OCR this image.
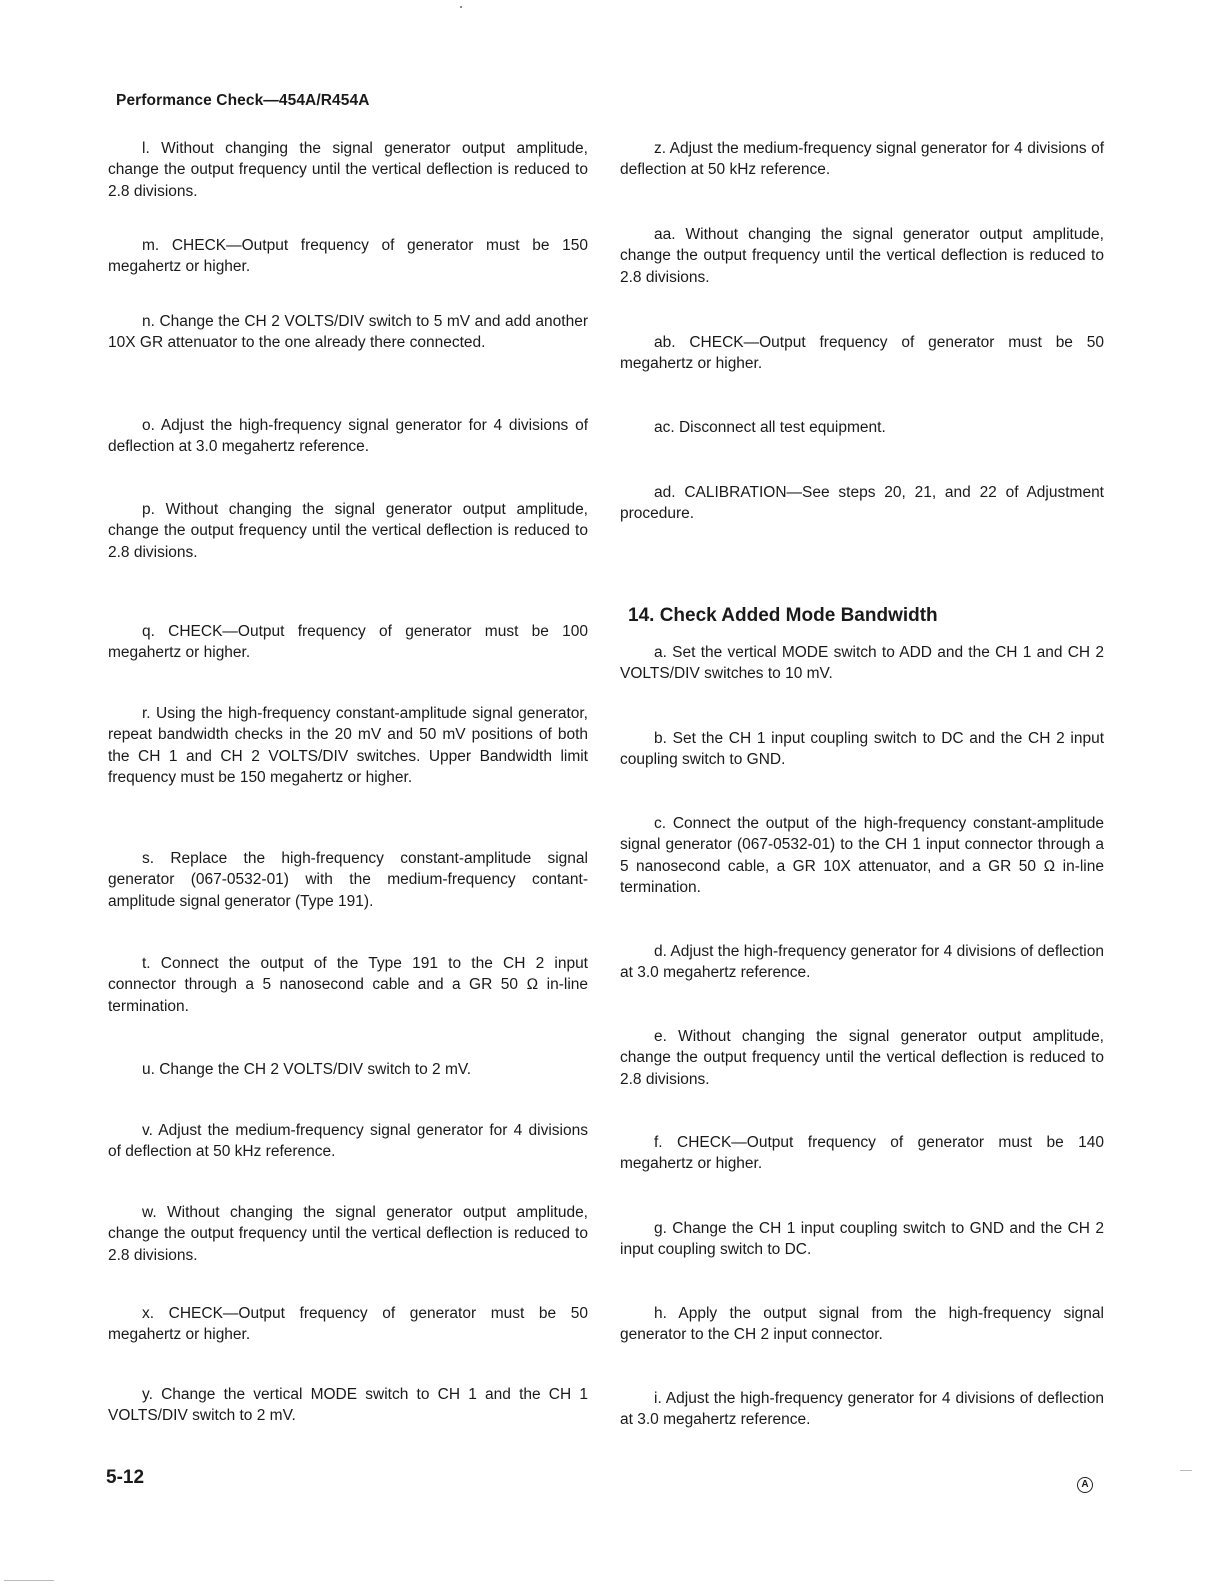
Performance Check—454A/R454A

l. Without changing the signal generator output amplitude, change the output frequency until the vertical deflection is reduced to 2.8 divisions.

m. CHECK—Output frequency of generator must be 150 megahertz or higher.

n. Change the CH 2 VOLTS/DIV switch to 5 mV and add another 10X GR attenuator to the one already there connected.

o. Adjust the high-frequency signal generator for 4 divisions of deflection at 3.0 megahertz reference.

p. Without changing the signal generator output amplitude, change the output frequency until the vertical deflection is reduced to 2.8 divisions.

q. CHECK—Output frequency of generator must be 100 megahertz or higher.

r. Using the high-frequency constant-amplitude signal generator, repeat bandwidth checks in the 20 mV and 50 mV positions of both the CH 1 and CH 2 VOLTS/DIV switches. Upper Bandwidth limit frequency must be 150 megahertz or higher.

s. Replace the high-frequency constant-amplitude signal generator (067-0532-01) with the medium-frequency contant-amplitude signal generator (Type 191).

t. Connect the output of the Type 191 to the CH 2 input connector through a 5 nanosecond cable and a GR 50 Ω in-line termination.

u. Change the CH 2 VOLTS/DIV switch to 2 mV.

v. Adjust the medium-frequency signal generator for 4 divisions of deflection at 50 kHz reference.

w. Without changing the signal generator output amplitude, change the output frequency until the vertical deflection is reduced to 2.8 divisions.

x. CHECK—Output frequency of generator must be 50 megahertz or higher.

y. Change the vertical MODE switch to CH 1 and the CH 1 VOLTS/DIV switch to 2 mV.

z. Adjust the medium-frequency signal generator for 4 divisions of deflection at 50 kHz reference.

aa. Without changing the signal generator output amplitude, change the output frequency until the vertical deflection is reduced to 2.8 divisions.

ab. CHECK—Output frequency of generator must be 50 megahertz or higher.

ac. Disconnect all test equipment.

ad. CALIBRATION—See steps 20, 21, and 22 of Adjustment procedure.

14. Check Added Mode Bandwidth

a. Set the vertical MODE switch to ADD and the CH 1 and CH 2 VOLTS/DIV switches to 10 mV.

b. Set the CH 1 input coupling switch to DC and the CH 2 input coupling switch to GND.

c. Connect the output of the high-frequency constant-amplitude signal generator (067-0532-01) to the CH 1 input connector through a 5 nanosecond cable, a GR 10X attenuator, and a GR 50 Ω in-line termination.

d. Adjust the high-frequency generator for 4 divisions of deflection at 3.0 megahertz reference.

e. Without changing the signal generator output amplitude, change the output frequency until the vertical deflection is reduced to 2.8 divisions.

f. CHECK—Output frequency of generator must be 140 megahertz or higher.

g. Change the CH 1 input coupling switch to GND and the CH 2 input coupling switch to DC.

h. Apply the output signal from the high-frequency signal generator to the CH 2 input connector.

i. Adjust the high-frequency generator for 4 divisions of deflection at 3.0 megahertz reference.

5-12	A
